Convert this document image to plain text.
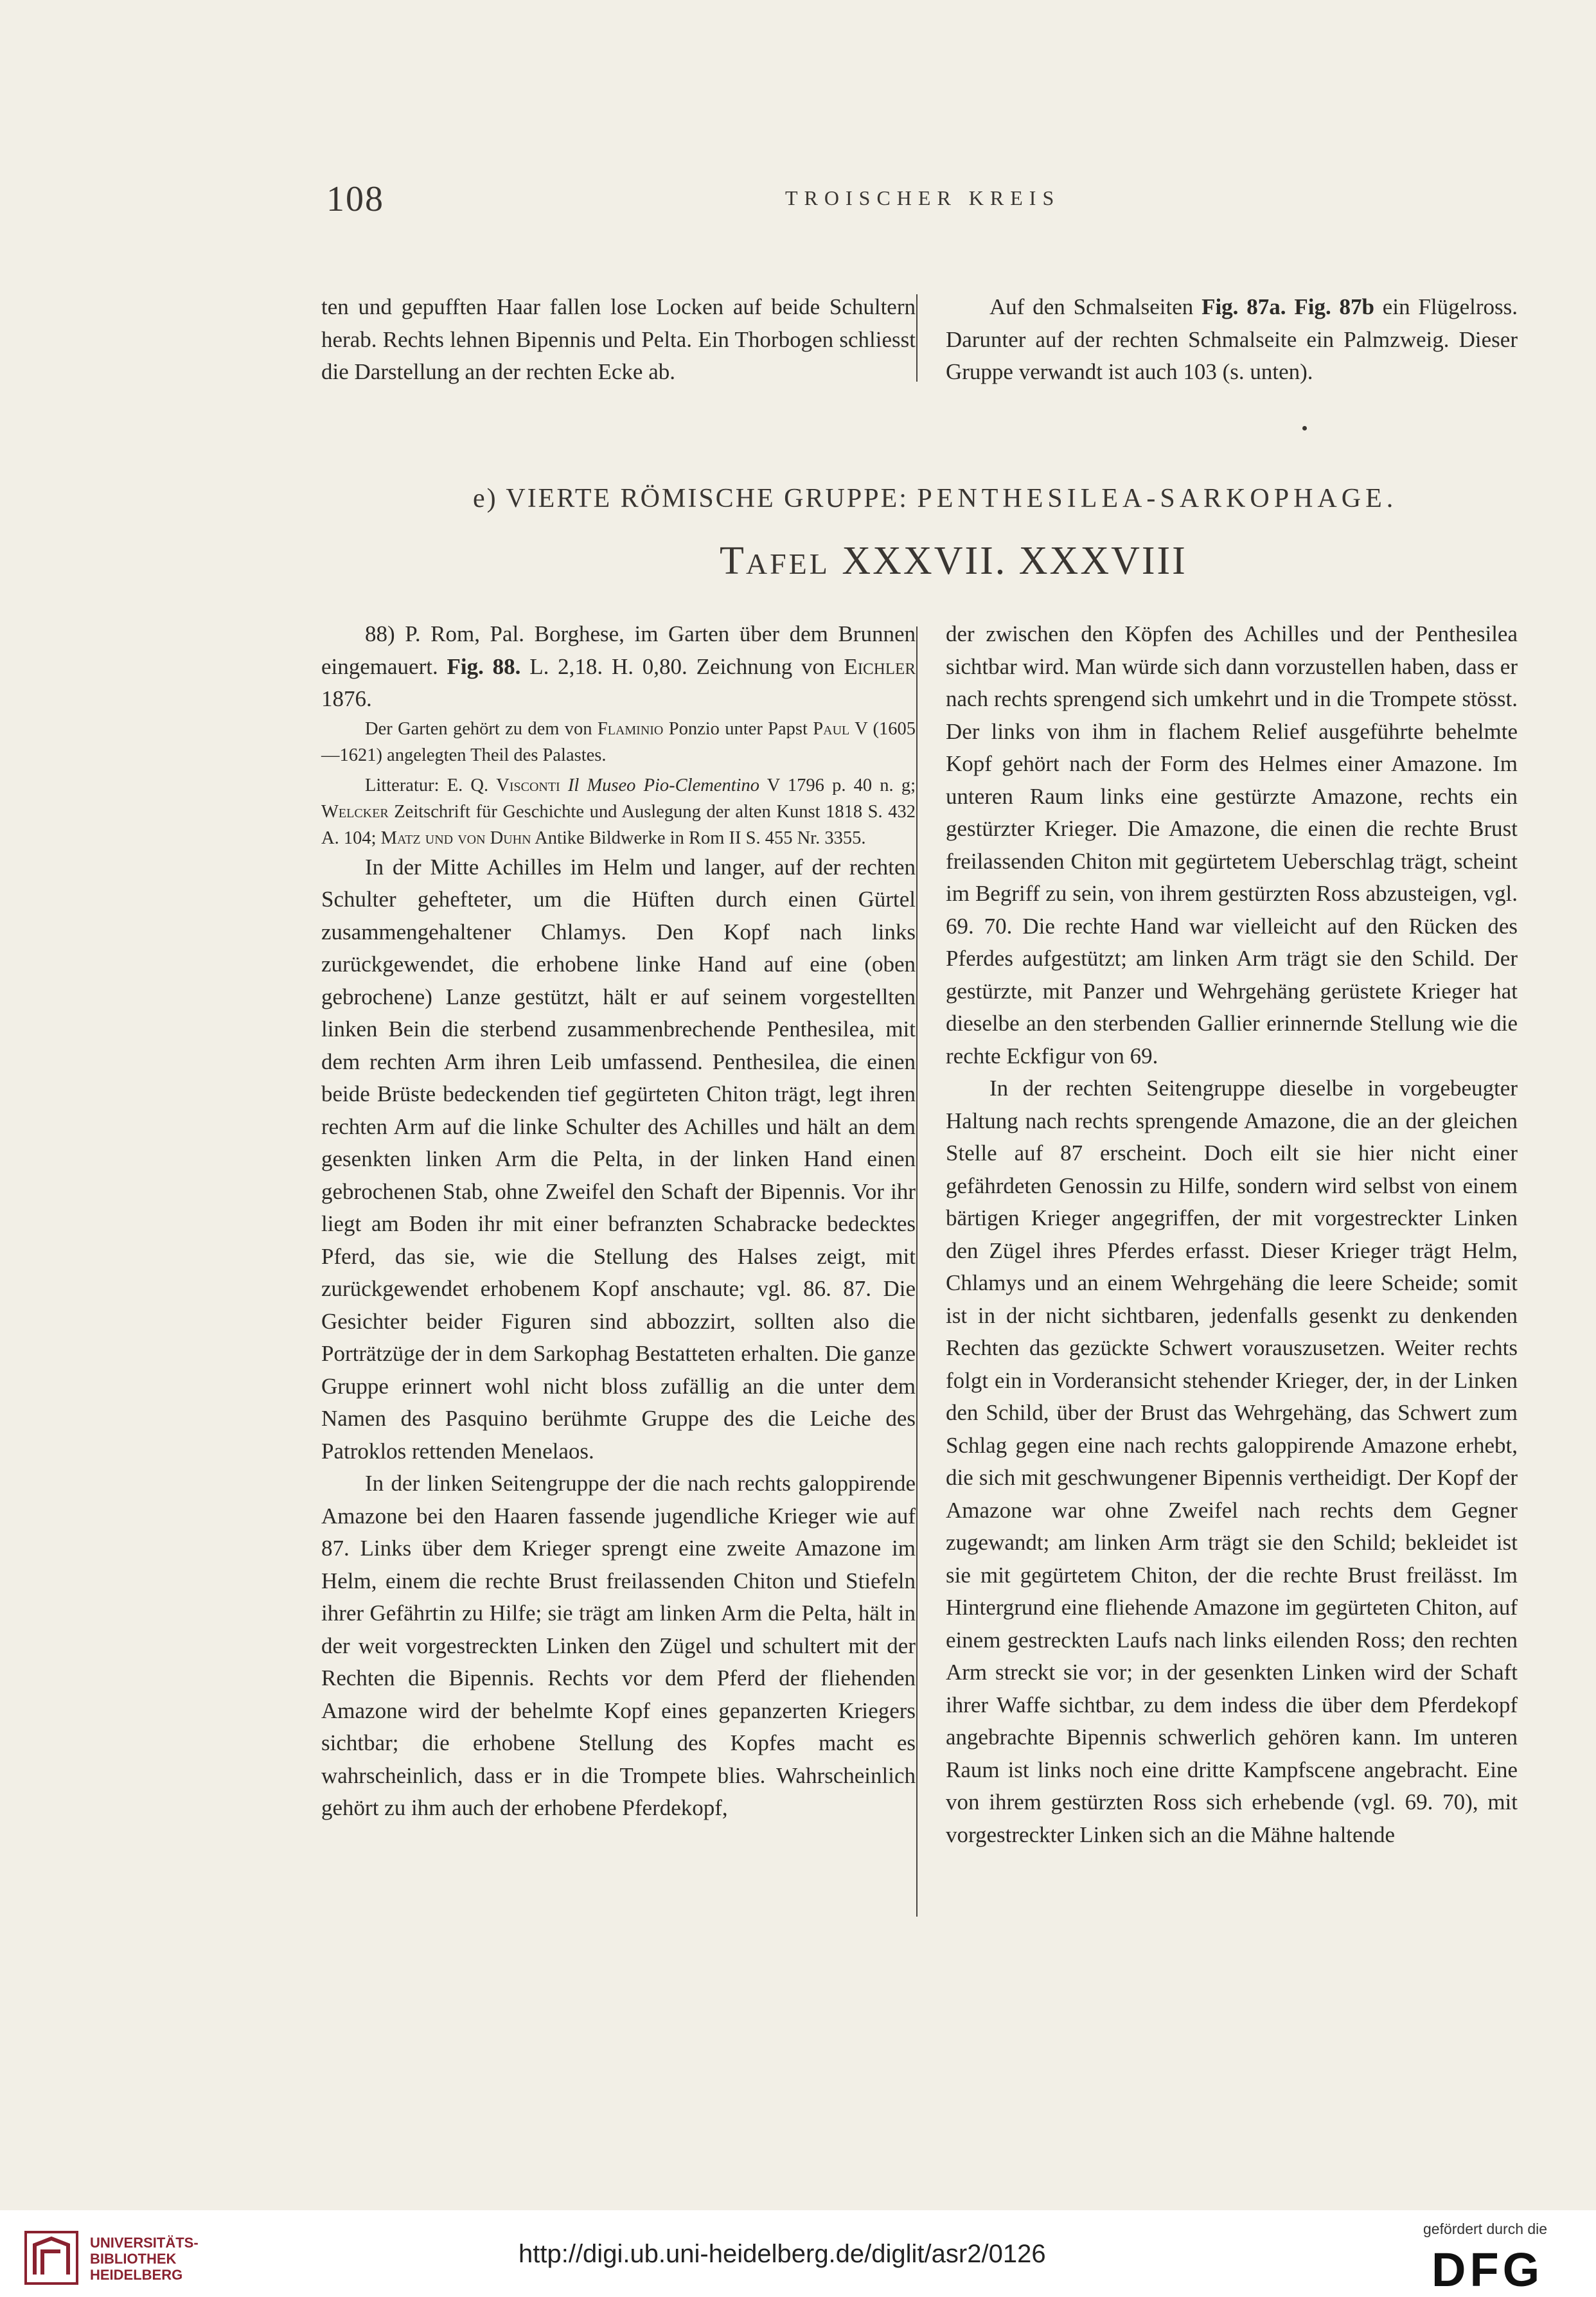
108	TROISCHER KREIS

ten und gepufften Haar fallen lose Locken auf beide Schultern herab. Rechts lehnen Bipennis und Pelta. Ein Thorbogen schliesst die Darstellung an der rechten Ecke ab.

Auf den Schmalseiten Fig. 87a. Fig. 87b ein Flügelross. Darunter auf der rechten Schmalseite ein Palmzweig. Dieser Gruppe verwandt ist auch 103 (s. unten).

e) VIERTE RÖMISCHE GRUPPE: PENTHESILEA-SARKOPHAGE.
TAFEL XXXVII. XXXVIII

88) P. Rom, Pal. Borghese, im Garten über dem Brunnen eingemauert. Fig. 88. L. 2,18. H. 0,80. Zeichnung von Eichler 1876.

Der Garten gehört zu dem von Flaminio Ponzio unter Papst Paul V (1605—1621) angelegten Theil des Palastes.

Litteratur: E. Q. Visconti Il Museo Pio-Clementino V 1796 p. 40 n. g; Welcker Zeitschrift für Geschichte und Auslegung der alten Kunst 1818 S. 432 A. 104; Matz und von Duhn Antike Bildwerke in Rom II S. 455 Nr. 3355.

In der Mitte Achilles im Helm und langer, auf der rechten Schulter gehefteter, um die Hüften durch einen Gürtel zusammengehaltener Chlamys. Den Kopf nach links zurückgewendet, die erhobene linke Hand auf eine (oben gebrochene) Lanze gestützt, hält er auf seinem vorgestellten linken Bein die sterbend zusammenbrechende Penthesilea, mit dem rechten Arm ihren Leib umfassend. Penthesilea, die einen beide Brüste bedeckenden tief gegürteten Chiton trägt, legt ihren rechten Arm auf die linke Schulter des Achilles und hält an dem gesenkten linken Arm die Pelta, in der linken Hand einen gebrochenen Stab, ohne Zweifel den Schaft der Bipennis. Vor ihr liegt am Boden ihr mit einer befranzten Schabracke bedecktes Pferd, das sie, wie die Stellung des Halses zeigt, mit zurückgewendet erhobenem Kopf anschaute; vgl. 86. 87. Die Gesichter beider Figuren sind abbozzirt, sollten also die Porträtzüge der in dem Sarkophag Bestatteten erhalten. Die ganze Gruppe erinnert wohl nicht bloss zufällig an die unter dem Namen des Pasquino berühmte Gruppe des die Leiche des Patroklos rettenden Menelaos.

In der linken Seitengruppe der die nach rechts galoppirende Amazone bei den Haaren fassende jugendliche Krieger wie auf 87. Links über dem Krieger sprengt eine zweite Amazone im Helm, einem die rechte Brust freilassenden Chiton und Stiefeln ihrer Gefährtin zu Hilfe; sie trägt am linken Arm die Pelta, hält in der weit vorgestreckten Linken den Zügel und schultert mit der Rechten die Bipennis. Rechts vor dem Pferd der fliehenden Amazone wird der behelmte Kopf eines gepanzerten Kriegers sichtbar; die erhobene Stellung des Kopfes macht es wahrscheinlich, dass er in die Trompete blies. Wahrscheinlich gehört zu ihm auch der erhobene Pferdekopf,

der zwischen den Köpfen des Achilles und der Penthesilea sichtbar wird. Man würde sich dann vorzustellen haben, dass er nach rechts sprengend sich umkehrt und in die Trompete stösst. Der links von ihm in flachem Relief ausgeführte behelmte Kopf gehört nach der Form des Helmes einer Amazone. Im unteren Raum links eine gestürzte Amazone, rechts ein gestürzter Krieger. Die Amazone, die einen die rechte Brust freilassenden Chiton mit gegürtetem Ueberschlag trägt, scheint im Begriff zu sein, von ihrem gestürzten Ross abzusteigen, vgl. 69. 70. Die rechte Hand war vielleicht auf den Rücken des Pferdes aufgestützt; am linken Arm trägt sie den Schild. Der gestürzte, mit Panzer und Wehrgehäng gerüstete Krieger hat dieselbe an den sterbenden Gallier erinnernde Stellung wie die rechte Eckfigur von 69.

In der rechten Seitengruppe dieselbe in vorgebeugter Haltung nach rechts sprengende Amazone, die an der gleichen Stelle auf 87 erscheint. Doch eilt sie hier nicht einer gefährdeten Genossin zu Hilfe, sondern wird selbst von einem bärtigen Krieger angegriffen, der mit vorgestreckter Linken den Zügel ihres Pferdes erfasst. Dieser Krieger trägt Helm, Chlamys und an einem Wehrgehäng die leere Scheide; somit ist in der nicht sichtbaren, jedenfalls gesenkt zu denkenden Rechten das gezückte Schwert vorauszusetzen. Weiter rechts folgt ein in Vorderansicht stehender Krieger, der, in der Linken den Schild, über der Brust das Wehrgehäng, das Schwert zum Schlag gegen eine nach rechts galoppirende Amazone erhebt, die sich mit geschwungener Bipennis vertheidigt. Der Kopf der Amazone war ohne Zweifel nach rechts dem Gegner zugewandt; am linken Arm trägt sie den Schild; bekleidet ist sie mit gegürtetem Chiton, der die rechte Brust freilässt. Im Hintergrund eine fliehende Amazone im gegürteten Chiton, auf einem gestreckten Laufs nach links eilenden Ross; den rechten Arm streckt sie vor; in der gesenkten Linken wird der Schaft ihrer Waffe sichtbar, zu dem indess die über dem Pferdekopf angebrachte Bipennis schwerlich gehören kann. Im unteren Raum ist links noch eine dritte Kampfscene angebracht. Eine von ihrem gestürzten Ross sich erhebende (vgl. 69. 70), mit vorgestreckter Linken sich an die Mähne haltende

UNIVERSITÄTS-
BIBLIOTHEK
HEIDELBERG
http://digi.ub.uni-heidelberg.de/diglit/asr2/0126
gefördert durch die
DFG
